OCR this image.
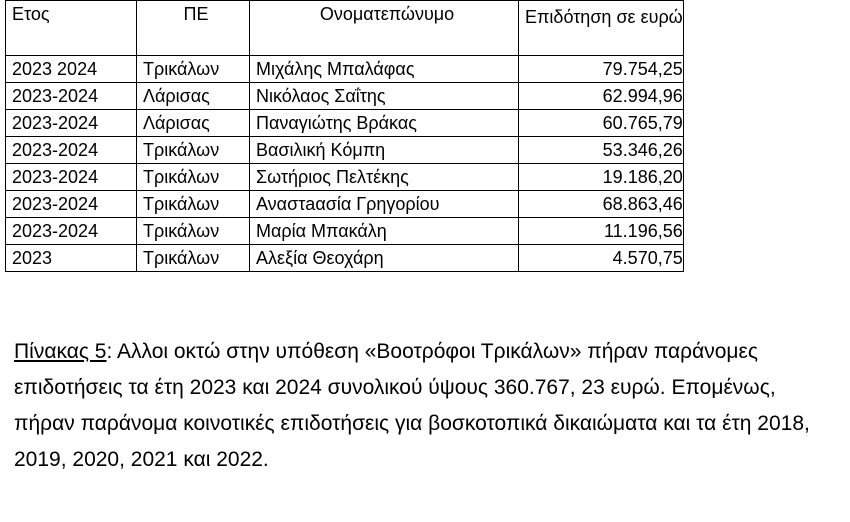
Ετος	ΠΕ	Ονοματεπώνυμο	Επιδότηση σε ευρώ
2023 2024	Τρικάλων	Μιχάλης Μπαλάφας	79.754,25
2023-2024	Λάρισας	Νικόλαος Σαΐτης	62.994,96
2023-2024	Λάρισας	Παναγιώτης Βράκας	60.765,79
2023-2024	Τρικάλων	Βασιλική Κόμπη	53.346,26
2023-2024	Τρικάλων	Σωτήριος Πελτέκης	19.186,20
2023-2024	Τρικάλων	Αναστaασία Γρηγορίου	68.863,46
2023-2024	Τρικάλων	Μαρία Μπακάλη	11.196,56
2023	Τρικάλων	Αλεξία Θεοχάρη	4.570,75

Πίνακας 5: Αλλοι οκτώ στην υπόθεση «Βοοτρόφοι Τρικάλων» πήραν παράνομες επιδοτήσεις τα έτη 2023 και 2024 συνολικού ύψους 360.767, 23 ευρώ. Επομένως, πήραν παράνομα κοινοτικές επιδοτήσεις για βοσκοτοπικά δικαιώματα και τα έτη 2018, 2019, 2020, 2021 και 2022.
